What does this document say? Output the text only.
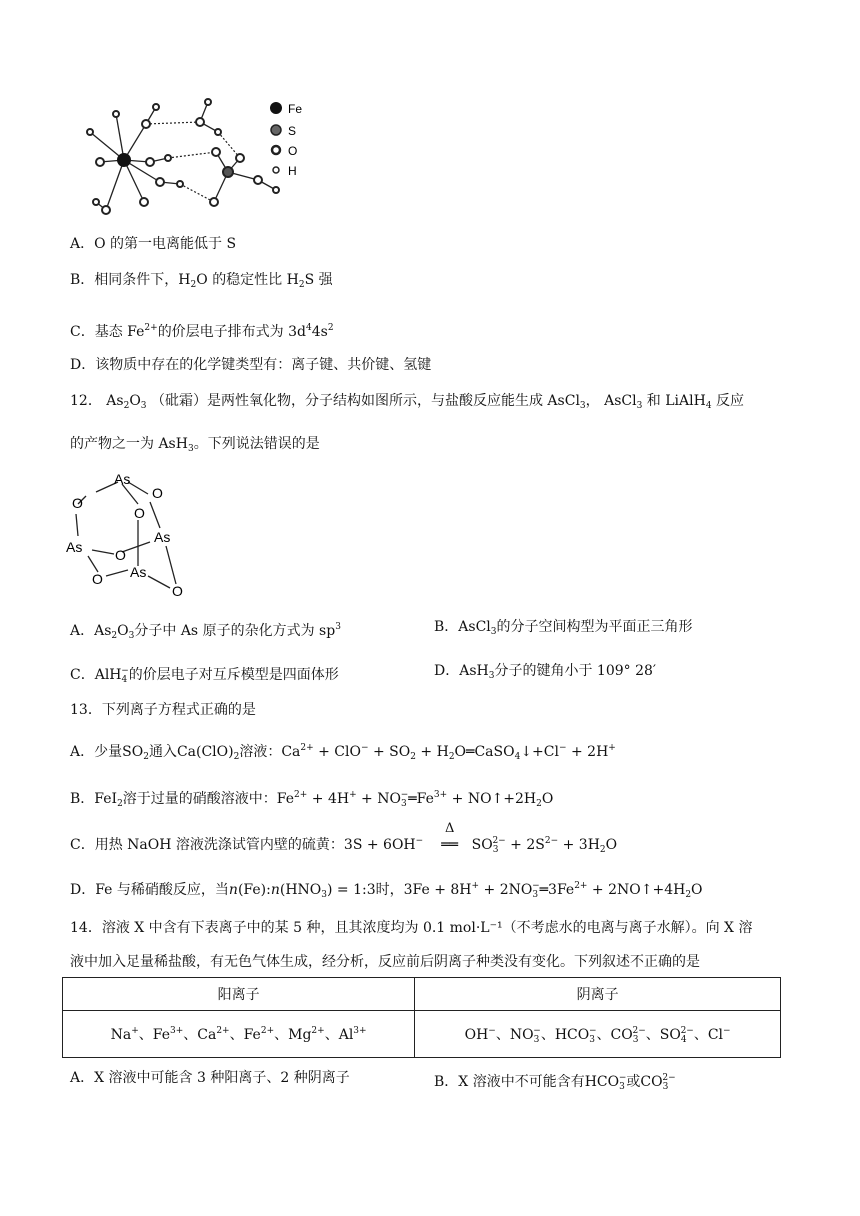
Fe
S
O
H
A．O 的第一电离能低于 S
B．相同条件下，$H_2O$ 的稳定性比 $H_2S$ 强
C．基态 $Fe^{2+}$的价层电子排布式为 $3d^44s^2$
D．该物质中存在的化学键类型有：离子键、共价键、氢键
12． $As_2O_3$ （砒霜）是两性氧化物，分子结构如图所示，与盐酸反应能生成 AsCl$_3$， AsCl$_3$ 和 LiAlH$_4$ 反应
的产物之一为 AsH$_3$。下列说法错误的是
As
O
O
O
As
As
O
O As
O
A．$As_2O_3$分子中 As 原子的杂化方式为 $sp^3$	B．AsCl$_3$的分子空间构型为平面正三角形
C．AlH$_4$−的价层电子对互斥模型是四面体形	D．AsH$_3$分子的键角小于 109° 28′
13．下列离子方程式正确的是
A．少量$SO_2$通入$Ca(ClO)_2$溶液：$Ca^{2+} + ClO^- + SO_2$ + $H_2O═CaSO_4↓+Cl^- + 2H^+$
B．FeI$_2$溶于过量的硝酸溶液中：$Fe^{2+} + 4H^+$ + $NO_3^-═Fe^{3+}$ + $NO↑+2H_2O$
C．用热 NaOH 溶液洗涤试管内壁的硫黄：3S + 6OH−
Δ
══ $SO_3^{2-} + 2S^{2-} + 3H_2O$
D．Fe 与稀硝酸反应，当$n(Fe):n(HNO_3)$ = 1:3时，$3Fe + 8H^+ + 2NO_3^-═3Fe^{2+}$ + $2NO↑+4H_2O$
14．溶液 X 中含有下表离子中的某 5 种，且其浓度均为 0.1 mol·L⁻¹（不考虑水的电离与离子水解）。向 X 溶
液中加入足量稀盐酸，有无色气体生成，经分析，反应前后阴离子种类没有变化。下列叙述不正确的是
阳离子	阴离子
Na+、$Fe^{3+}$、$Ca^{2+}$、$Fe^{2+}$、$Mg^{2+}$、$Al^{3+}$	OH−、$NO_3^-$、$HCO_3^-$、$CO_3^{2-}$、$SO_4^{2-}$、Cl−
A．X 溶液中可能含 3 种阳离子、2 种阴离子	B．X 溶液中不可能含有$HCO_3^-$或$CO_3^{2-}$
